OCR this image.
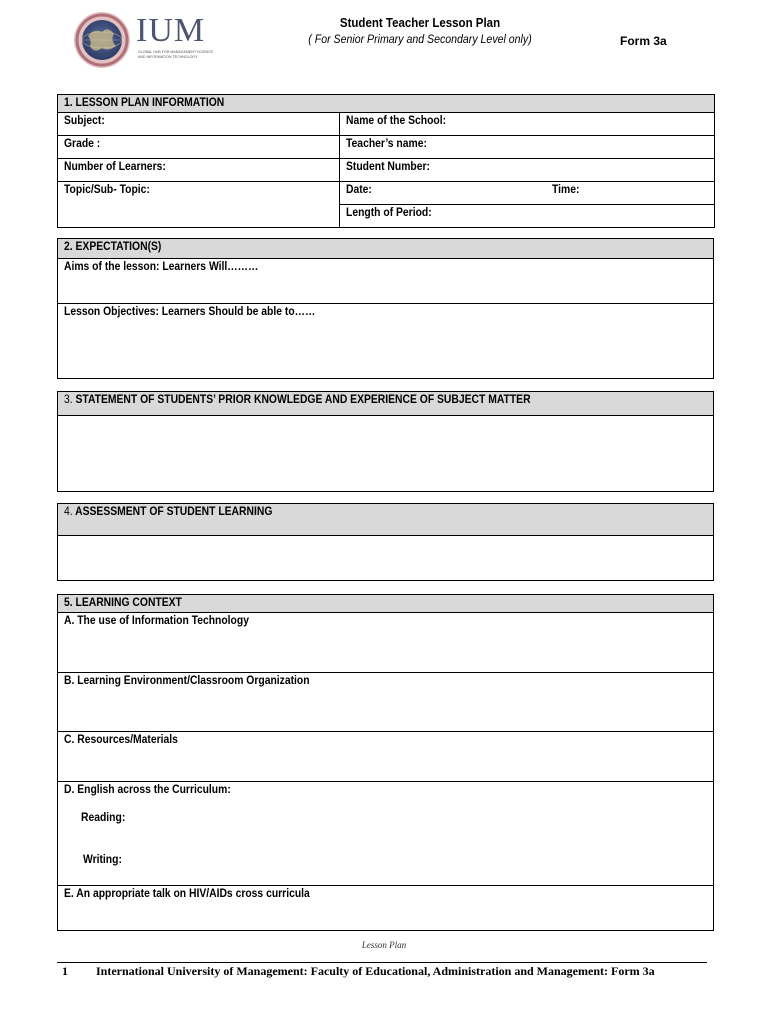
IUM
GLOBAL HUB FOR MANAGEMENT SCIENCE AND INFORMATION TECHNOLOGY
Student Teacher Lesson Plan
( For Senior Primary and Secondary Level only)	Form 3a
1. LESSON PLAN INFORMATION	
Subject:	Name of the School:
Grade :	Teacher’s name:
Number of Learners:	Student Number:
Topic/Sub- Topic:	Date: Time:

	Length of Period:
2. EXPECTATION(S)
Aims of the lesson: Learners Will………
Lesson Objectives: Learners Should be able to……
3. STATEMENT OF STUDENTS’ PRIOR KNOWLEDGE AND EXPERIENCE OF SUBJECT MATTER

4. ASSESSMENT OF STUDENT LEARNING

5. LEARNING CONTEXT
A. The use of Information Technology
B. Learning Environment/Classroom Organization
C. Resources/Materials

D. English across the Curriculum:
Reading:
Writing:

E. An appropriate talk on HIV/AIDs cross curricula
Lesson Plan
1 International University of Management: Faculty of Educational, Administration and Management: Form 3a
